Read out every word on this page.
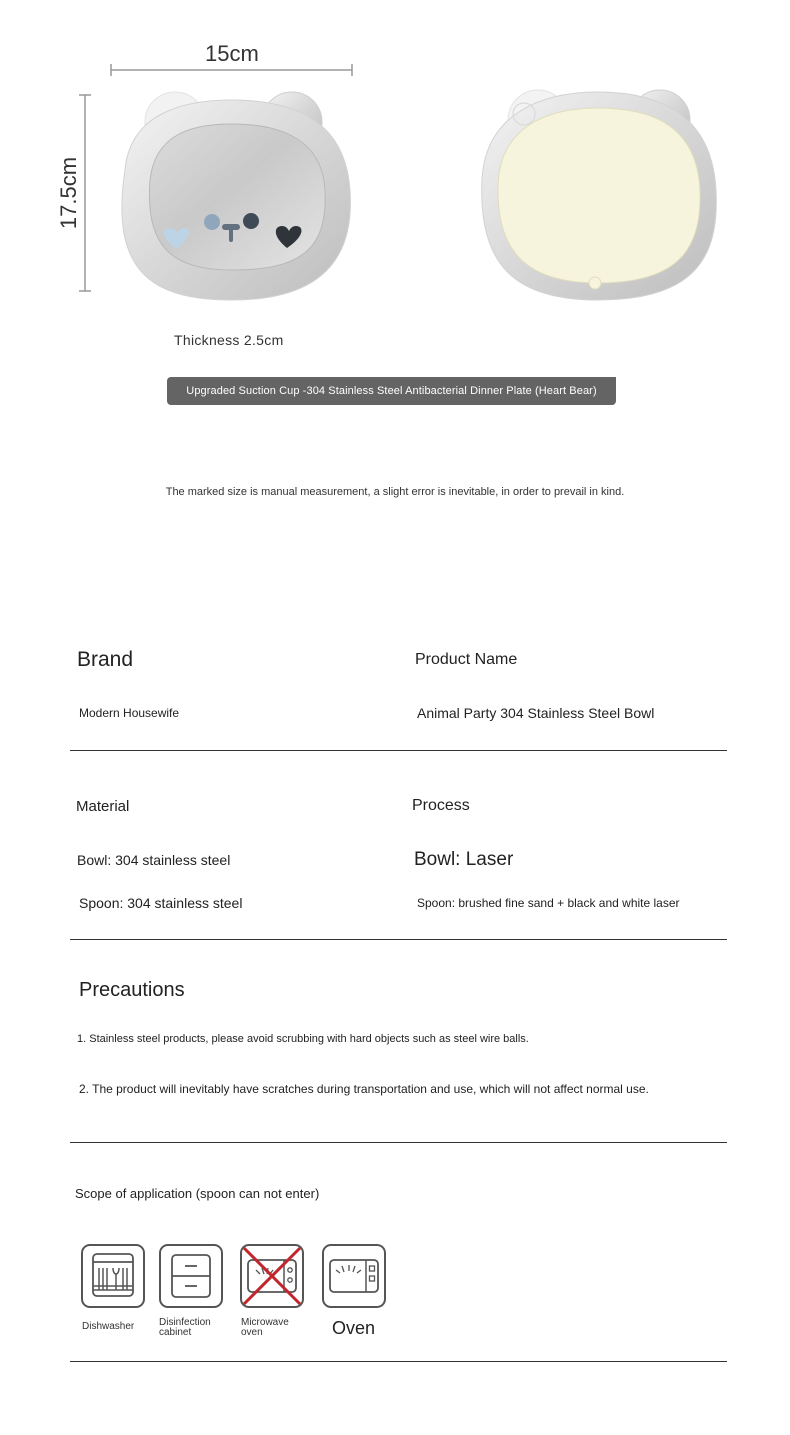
15cm
17.5cm
Thickness 2.5cm
Upgraded Suction Cup -304 Stainless Steel Antibacterial Dinner Plate (Heart Bear)
The marked size is manual measurement, a slight error is inevitable, in order to prevail in kind.
Brand	Product Name
Modern Housewife	Animal Party 304 Stainless Steel Bowl
Material	Process
Bowl: 304 stainless steel	Bowl: Laser
Spoon: 304 stainless steel	Spoon: brushed fine sand + black and white laser
Precautions
1. Stainless steel products, please avoid scrubbing with hard objects such as steel wire balls.
2. The product will inevitably have scratches during transportation and use, which will not affect normal use.
Scope of application (spoon can not enter)
Dishwasher	Disinfection cabinet
Microwave oven	Oven
